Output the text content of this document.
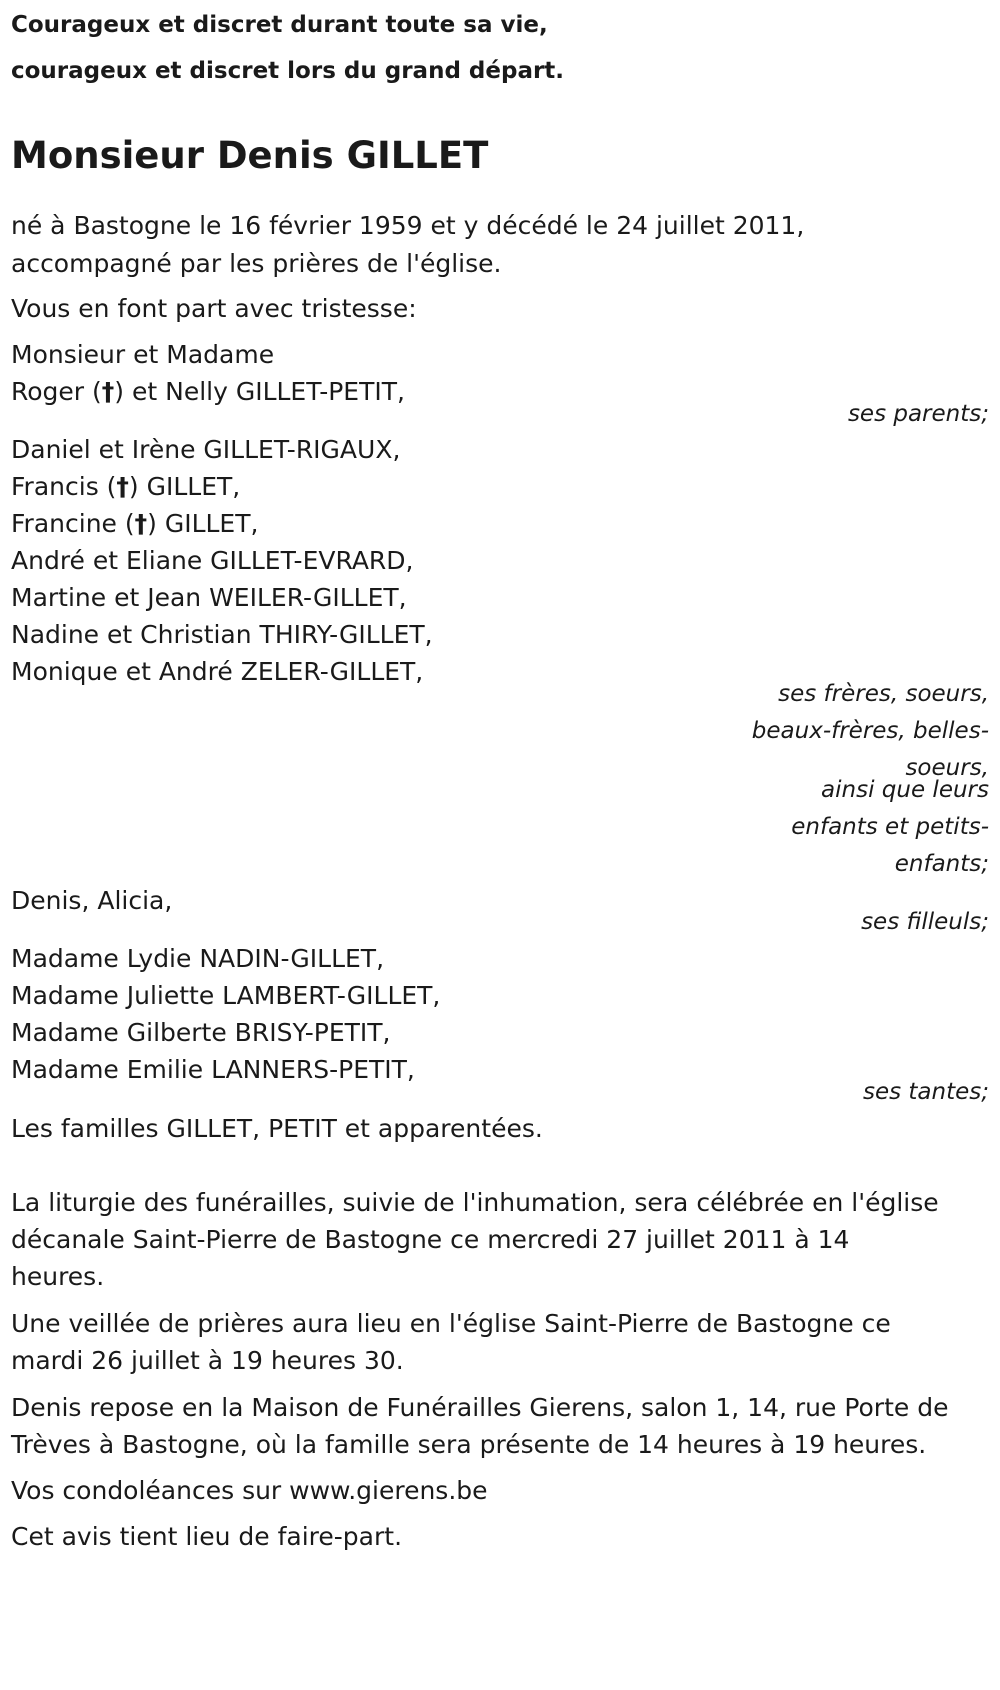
Courageux et discret durant toute sa vie,
courageux et discret lors du grand départ.
Monsieur Denis GILLET
né à Bastogne le 16 février 1959 et y décédé le 24 juillet 2011,
accompagné par les prières de l'église.
Vous en font part avec tristesse:
Monsieur et Madame
Roger (†) et Nelly GILLET-PETIT,
ses parents;
Daniel et Irène GILLET-RIGAUX,
Francis (†) GILLET,
Francine (†) GILLET,
André et Eliane GILLET-EVRARD,
Martine et Jean WEILER-GILLET,
Nadine et Christian THIRY-GILLET,
Monique et André ZELER-GILLET,
ses frères, soeurs,
beaux-frères, belles-
soeurs,
ainsi que leurs
enfants et petits-
enfants;
Denis, Alicia,
ses filleuls;
Madame Lydie NADIN-GILLET,
Madame Juliette LAMBERT-GILLET,
Madame Gilberte BRISY-PETIT,
Madame Emilie LANNERS-PETIT,
ses tantes;
Les familles GILLET, PETIT et apparentées.
La liturgie des funérailles, suivie de l'inhumation, sera célébrée en l'église
décanale Saint-Pierre de Bastogne ce mercredi 27 juillet 2011 à 14
heures.
Une veillée de prières aura lieu en l'église Saint-Pierre de Bastogne ce
mardi 26 juillet à 19 heures 30.
Denis repose en la Maison de Funérailles Gierens, salon 1, 14, rue Porte de
Trèves à Bastogne, où la famille sera présente de 14 heures à 19 heures.
Vos condoléances sur www.gierens.be
Cet avis tient lieu de faire-part.
